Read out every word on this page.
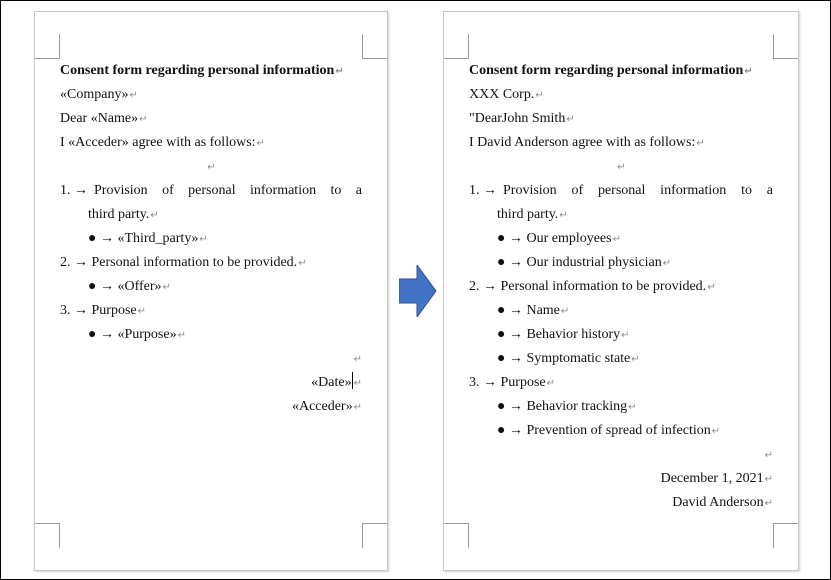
Consent form regarding personal information↵
«Company»↵
Dear «Name»↵
I «Acceder» agree with as follows:↵
↵
1. → Provision of personal information to a
third party.↵
● → «Third_party»↵
2. → Personal information to be provided.↵
● → «Offer»↵
3. → Purpose↵
● → «Purpose»↵
↵
«Date» ↵
«Acceder»↵
Consent form regarding personal information↵
XXX Corp.↵
"DearJohn Smith↵
I David Anderson agree with as follows:↵
↵
1. → Provision of personal information to a
third party.↵
● → Our employees↵
● → Our industrial physician↵
2. → Personal information to be provided.↵
● → Name↵
● → Behavior history↵
● → Symptomatic state↵
3. → Purpose↵
● → Behavior tracking↵
● → Prevention of spread of infection↵
↵
December 1, 2021↵
David Anderson↵
